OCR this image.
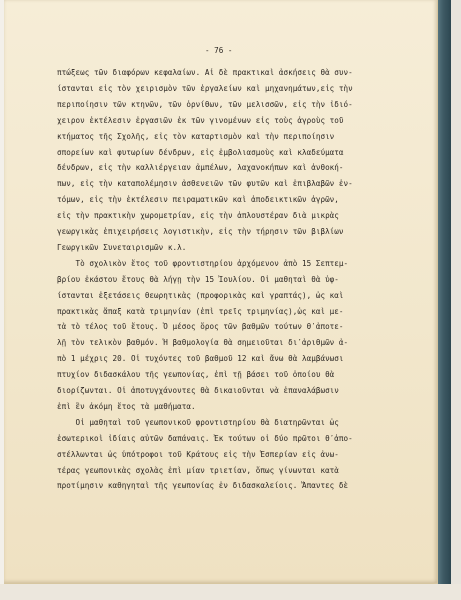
- 76 -
πτώξεως τῶν διαφόρων κεφαλαίων. Αἱ δὲ πρακτικαὶ ἀσκήσεις θὰ συν-
ίστανται εἰς τὸν χειρισμὸν τῶν ἐργαλείων καὶ μηχανημάτων,εἰς τὴν
περιποίησιν τῶν κτηνῶν, τῶν ὀρνίθων, τῶν μελισσῶν, εἰς τὴν ἰδιό-
χειρον ἐκτέλεσιν ἐργασιῶν ἐκ τῶν γινομένων εἰς τοὺς ἀγροὺς τοῦ
κτήματος τῆς Σχολῆς, εἰς τὸν καταρτισμὸν καὶ τὴν περιποίησιν
σπορείων καὶ φυτωρίων δένδρων, εἰς ἐμβολιασμοὺς καὶ κλαδεύματα
δένδρων, εἰς τὴν καλλιέργειαν ἀμπέλων, λαχανοκήπων καὶ ἀνθοκή-
πων, εἰς τὴν καταπολέμησιν ἀσθενειῶν τῶν φυτῶν καὶ ἐπιβλαβῶν ἐν-
τόμων, εἰς τὴν ἐκτέλεσιν πειραματικῶν καὶ ἀποδεικτικῶν ἀγρῶν,
εἰς τὴν πρακτικὴν χωρομετρίαν, εἰς τὴν ἁπλουστέραν διὰ μικρὰς
γεωργικὰς ἐπιχειρήσεις λογιστικὴν, εἰς τὴν τήρησιν τῶν βιβλίων
Γεωργικῶν Συνεταιρισμῶν κ.λ.
Τὸ σχολικὸν ἔτος τοῦ φροντιστηρίου ἀρχόμενον ἀπὸ 15 Σεπτεμ-
βρίου ἑκάστου ἔτους θὰ λήγῃ τὴν 15 Ἰουλίου. Οἱ μαθηταὶ θὰ ὑφ-
ίστανται ἐξετάσεις θεωρητικὰς (προφορικὰς καὶ γραπτάς), ὡς καὶ
πρακτικὰς ἅπαξ κατὰ τριμηνίαν (ἐπὶ τρεῖς τριμηνίας),ὡς καὶ με-
τὰ τὸ τέλος τοῦ ἔτους. Ὁ μέσος ὅρος τῶν βαθμῶν τούτων θ᾽ἀποτε-
λῇ τὸν τελικὸν βαθμόν. Ἡ βαθμολογία θὰ σημειοῦται δι᾽ἀριθμῶν ἀ-
πὸ 1 μέχρις 20. Οἱ τυχόντες τοῦ βαθμοῦ 12 καὶ ἄνω θὰ λαμβάνωσι
πτυχίον διδασκάλου τῆς γεωπονίας, ἐπὶ τῇ βάσει τοῦ ὁποίου θὰ
διορίζωνται. Οἱ ἀποτυγχάνοντες θὰ δικαιοῦνται νὰ ἐπαναλάβωσιν
ἐπὶ ἓν ἀκόμη ἔτος τὰ μαθήματα.
Οἱ μαθηταὶ τοῦ γεωπονικοῦ φροντιστηρίου θὰ διατηρῶνται ὡς
ἐσωτερικοὶ ἰδίαις αὐτῶν δαπάναις. Ἐκ τούτων οἱ δύο πρῶτοι θ᾽ἀπο-
στέλλωνται ὡς ὑπότροφοι τοῦ Κράτους εἰς τὴν Ἑσπερίαν εἰς ἀνω-
τέρας γεωπονικὰς σχολὰς ἐπὶ μίαν τριετίαν, ὅπως γίνωνται κατὰ
προτίμησιν καθηγηταὶ τῆς γεωπονίας ἐν διδασκαλείοις. Ἅπαντες δὲ
